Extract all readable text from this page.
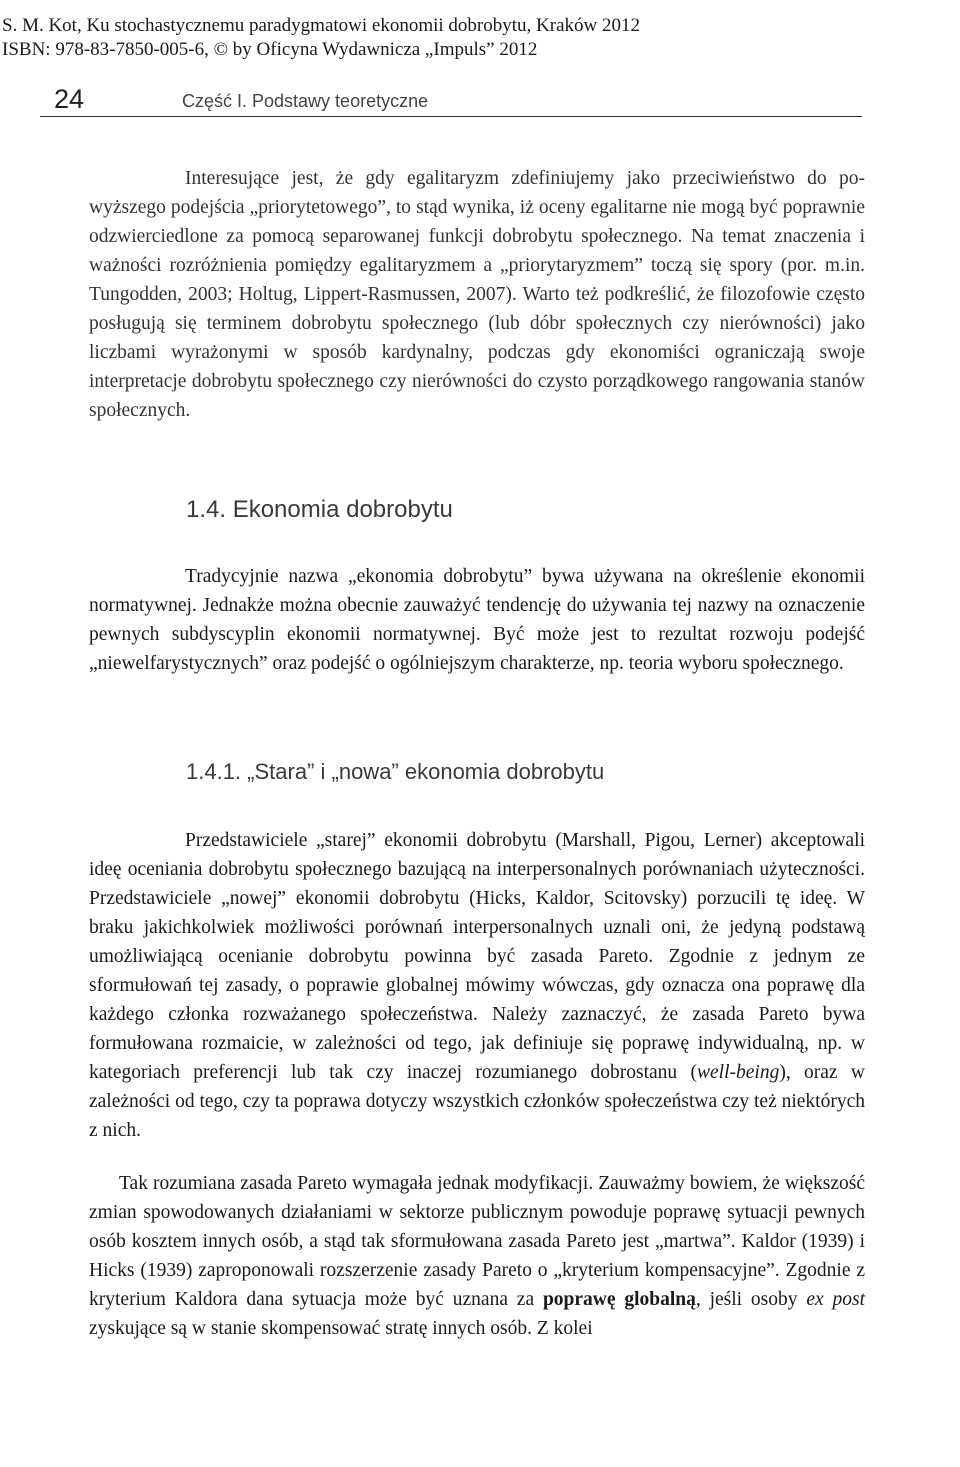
S. M. Kot, Ku stochastycznemu paradygmatowi ekonomii dobrobytu, Kraków 2012
ISBN: 978-83-7850-005-6, © by Oficyna Wydawnicza „Impuls” 2012
24	Część I. Podstawy teoretyczne

Interesujące jest, że gdy egalitaryzm zdefiniujemy jako przeciwieństwo do powyższego podejścia „priorytetowego”, to stąd wynika, iż oceny egalitarne nie mogą być poprawnie odzwierciedlone za pomocą separowanej funkcji dobrobytu społecznego. Na temat znaczenia i ważności rozróżnienia pomiędzy egalitaryzmem a „priorytaryzmem” toczą się spory (por. m.in. Tungodden, 2003; Holtug, Lippert-Rasmussen, 2007). Warto też podkreślić, że filozofowie często posługują się terminem dobrobytu społecznego (lub dóbr społecznych czy nierówności) jako liczbami wyrażonymi w sposób kardynalny, podczas gdy ekonomiści ograniczają swoje interpretacje dobrobytu społecznego czy nierówności do czysto porządkowego rangowania stanów społecznych.

1.4. Ekonomia dobrobytu

Tradycyjnie nazwa „ekonomia dobrobytu” bywa używana na określenie ekonomii normatywnej. Jednakże można obecnie zauważyć tendencję do używania tej nazwy na oznaczenie pewnych subdyscyplin ekonomii normatywnej. Być może jest to rezultat rozwoju podejść „niewelfarystycznych” oraz podejść o ogólniejszym charakterze, np. teoria wyboru społecznego.

1.4.1. „Stara” i „nowa” ekonomia dobrobytu

Przedstawiciele „starej” ekonomii dobrobytu (Marshall, Pigou, Lerner) akceptowali ideę oceniania dobrobytu społecznego bazującą na interpersonalnych porównaniach użyteczności. Przedstawiciele „nowej” ekonomii dobrobytu (Hicks, Kaldor, Scitovsky) porzucili tę ideę. W braku jakichkolwiek możliwości porównań interpersonalnych uznali oni, że jedyną podstawą umożliwiającą ocenianie dobrobytu powinna być zasada Pareto. Zgodnie z jednym ze sformułowań tej zasady, o poprawie globalnej mówimy wówczas, gdy oznacza ona poprawę dla każdego członka rozważanego społeczeństwa. Należy zaznaczyć, że zasada Pareto bywa formułowana rozmaicie, w zależności od tego, jak definiuje się poprawę indywidualną, np. w kategoriach preferencji lub tak czy inaczej rozumianego dobrostanu (well-being), oraz w zależności od tego, czy ta poprawa dotyczy wszystkich członków społeczeństwa czy też niektórych z nich.

Tak rozumiana zasada Pareto wymagała jednak modyfikacji. Zauważmy bowiem, że większość zmian spowodowanych działaniami w sektorze publicznym powoduje poprawę sytuacji pewnych osób kosztem innych osób, a stąd tak sformułowana zasada Pareto jest „martwa”. Kaldor (1939) i Hicks (1939) zaproponowali rozszerzenie zasady Pareto o „kryterium kompensacyjne”. Zgodnie z kryterium Kaldora dana sytuacja może być uznana za poprawę globalną, jeśli osoby ex post zyskujące są w stanie skompensować stratę innych osób. Z kolei
